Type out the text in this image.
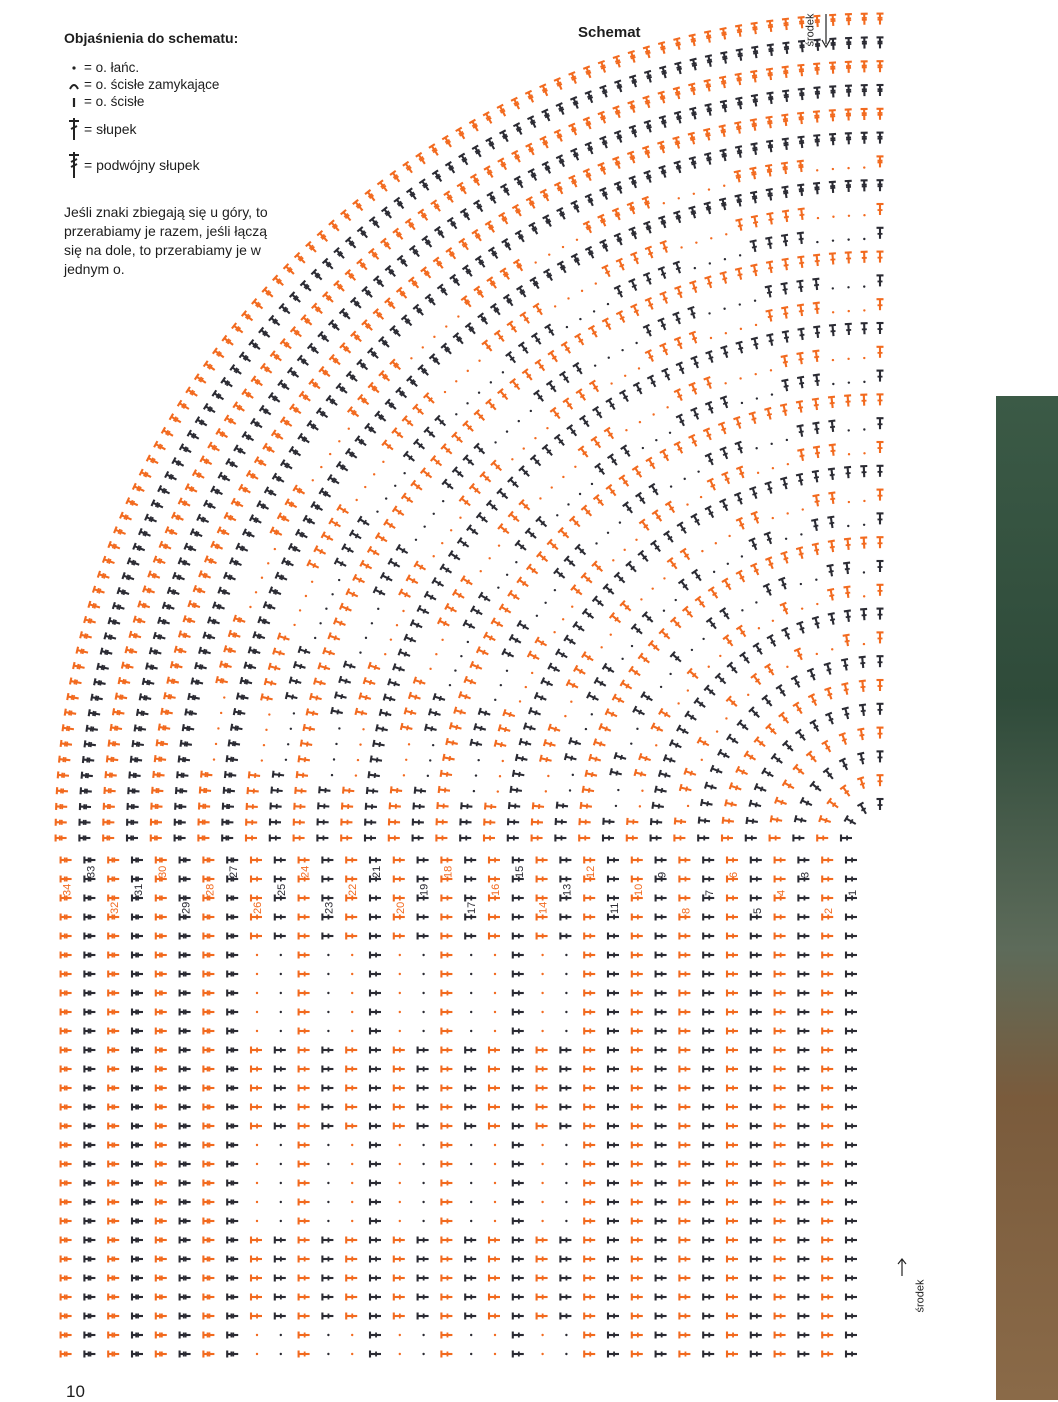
1
2
3
4
5
6
7
8
9
10
11
12
13
14
15
16
17
18
19
20
21
22
23
24
25
26
27
28
29
30
31
32
33
34
Objaśnienia do schematu:
= o. łańc.
= o. ścisłe zamykające
= o. ścisłe
= słupek
= podwójny słupek
Jeśli znaki zbiegają się u góry, to przerabiamy je razem, jeśli łączą się na dole, to przerabiamy je w jednym o.
Schemat	środek
środek
10
